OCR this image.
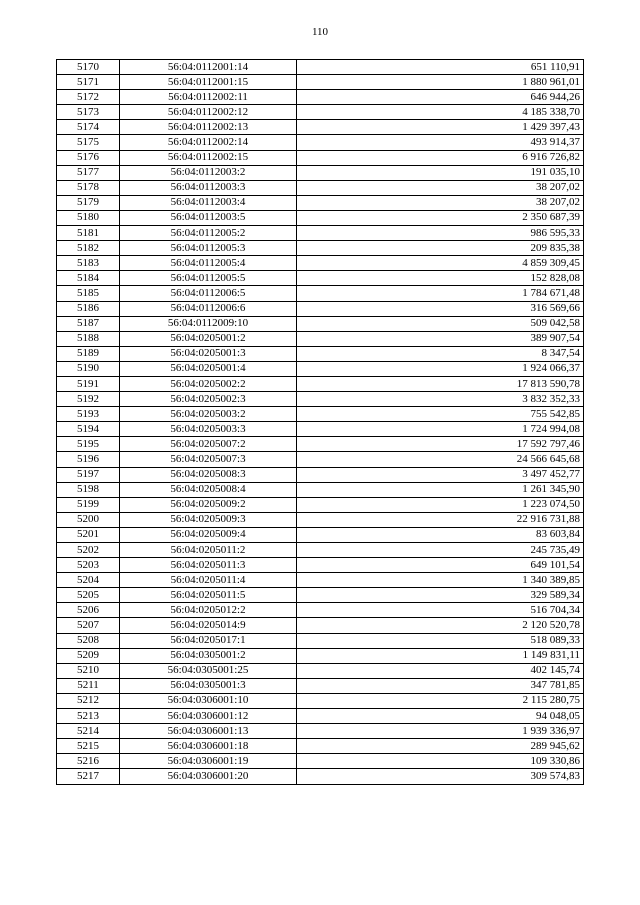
110
5170	56:04:0112001:14	651 110,91
5171	56:04:0112001:15	1 880 961,01
5172	56:04:0112002:11	646 944,26
5173	56:04:0112002:12	4 185 338,70
5174	56:04:0112002:13	1 429 397,43
5175	56:04:0112002:14	493 914,37
5176	56:04:0112002:15	6 916 726,82
5177	56:04:0112003:2	191 035,10
5178	56:04:0112003:3	38 207,02
5179	56:04:0112003:4	38 207,02
5180	56:04:0112003:5	2 350 687,39
5181	56:04:0112005:2	986 595,33
5182	56:04:0112005:3	209 835,38
5183	56:04:0112005:4	4 859 309,45
5184	56:04:0112005:5	152 828,08
5185	56:04:0112006:5	1 784 671,48
5186	56:04:0112006:6	316 569,66
5187	56:04:0112009:10	509 042,58
5188	56:04:0205001:2	389 907,54
5189	56:04:0205001:3	8 347,54
5190	56:04:0205001:4	1 924 066,37
5191	56:04:0205002:2	17 813 590,78
5192	56:04:0205002:3	3 832 352,33
5193	56:04:0205003:2	755 542,85
5194	56:04:0205003:3	1 724 994,08
5195	56:04:0205007:2	17 592 797,46
5196	56:04:0205007:3	24 566 645,68
5197	56:04:0205008:3	3 497 452,77
5198	56:04:0205008:4	1 261 345,90
5199	56:04:0205009:2	1 223 074,50
5200	56:04:0205009:3	22 916 731,88
5201	56:04:0205009:4	83 603,84
5202	56:04:0205011:2	245 735,49
5203	56:04:0205011:3	649 101,54
5204	56:04:0205011:4	1 340 389,85
5205	56:04:0205011:5	329 589,34
5206	56:04:0205012:2	516 704,34
5207	56:04:0205014:9	2 120 520,78
5208	56:04:0205017:1	518 089,33
5209	56:04:0305001:2	1 149 831,11
5210	56:04:0305001:25	402 145,74
5211	56:04:0305001:3	347 781,85
5212	56:04:0306001:10	2 115 280,75
5213	56:04:0306001:12	94 048,05
5214	56:04:0306001:13	1 939 336,97
5215	56:04:0306001:18	289 945,62
5216	56:04:0306001:19	109 330,86
5217	56:04:0306001:20	309 574,83
